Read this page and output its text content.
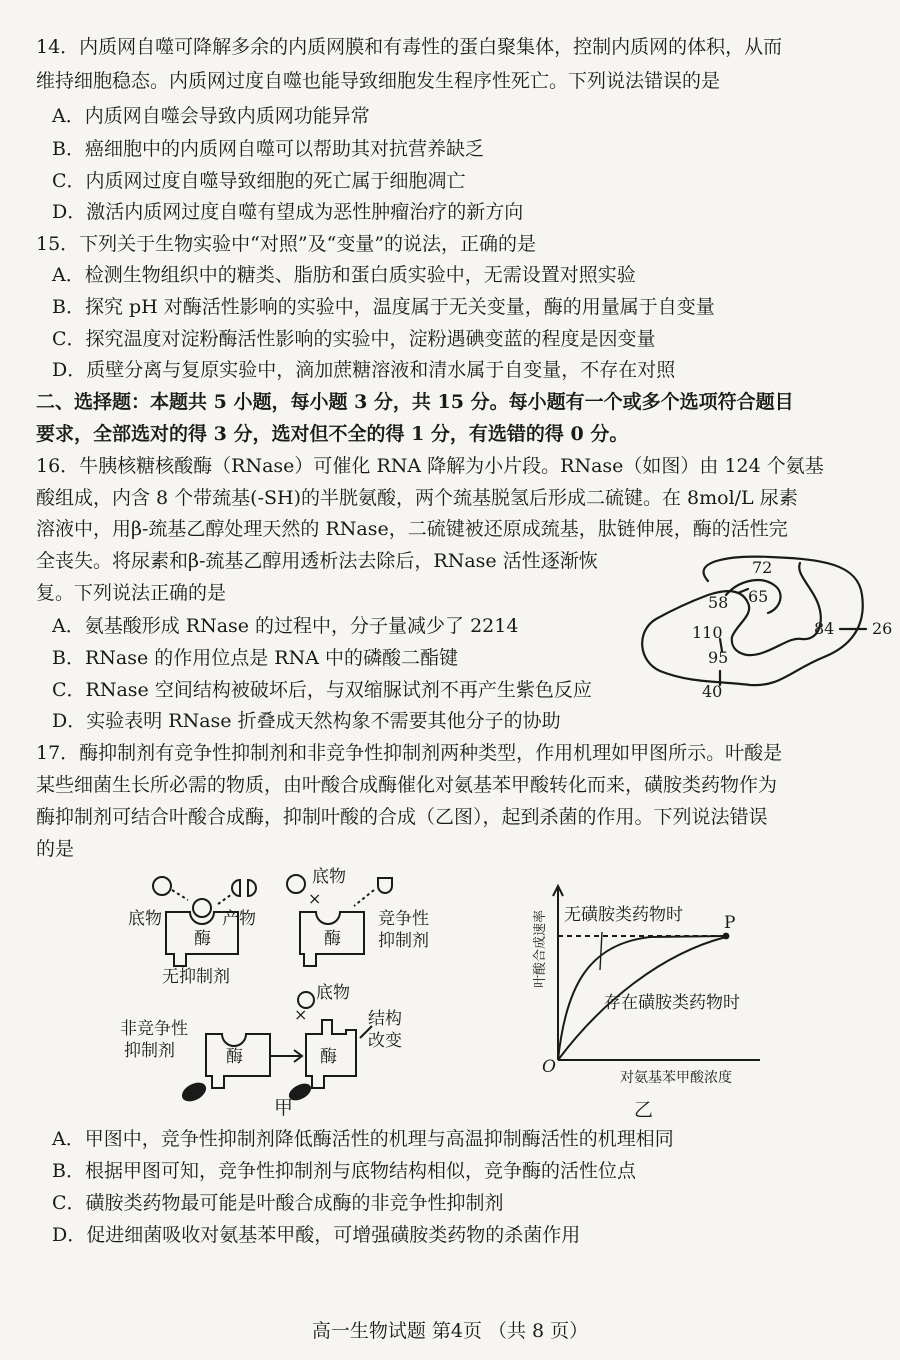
14．内质网自噬可降解多余的内质网膜和有毒性的蛋白聚集体，控制内质网的体积，从而
维持细胞稳态。内质网过度自噬也能导致细胞发生程序性死亡。下列说法错误的是
A．内质网自噬会导致内质网功能异常
B．癌细胞中的内质网自噬可以帮助其对抗营养缺乏
C．内质网过度自噬导致细胞的死亡属于细胞凋亡
D．激活内质网过度自噬有望成为恶性肿瘤治疗的新方向
15．下列关于生物实验中“对照”及“变量”的说法，正确的是
A．检测生物组织中的糖类、脂肪和蛋白质实验中，无需设置对照实验
B．探究 pH 对酶活性影响的实验中，温度属于无关变量，酶的用量属于自变量
C．探究温度对淀粉酶活性影响的实验中，淀粉遇碘变蓝的程度是因变量
D．质壁分离与复原实验中，滴加蔗糖溶液和清水属于自变量，不存在对照
二、选择题：本题共 5 小题，每小题 3 分，共 15 分。每小题有一个或多个选项符合题目
要求，全部选对的得 3 分，选对但不全的得 1 分，有选错的得 0 分。
16．牛胰核糖核酸酶（RNase）可催化 RNA 降解为小片段。RNase（如图）由 124 个氨基
酸组成，内含 8 个带巯基(-SH)的半胱氨酸，两个巯基脱氢后形成二硫键。在 8mol/L 尿素
溶液中，用β-巯基乙醇处理天然的 RNase，二硫键被还原成巯基，肽链伸展，酶的活性完
全丧失。将尿素和β-巯基乙醇用透析法去除后，RNase 活性逐渐恢
复。下列说法正确的是
A．氨基酸形成 RNase 的过程中，分子量减少了 2214
B．RNase 的作用位点是 RNA 中的磷酸二酯键
C．RNase 空间结构被破坏后，与双缩脲试剂不再产生紫色反应
D．实验表明 RNase 折叠成天然构象不需要其他分子的协助
72
65
58
84 26
110
95
40
17．酶抑制剂有竞争性抑制剂和非竞争性抑制剂两种类型，作用机理如甲图所示。叶酸是
某些细菌生长所必需的物质，由叶酸合成酶催化对氨基苯甲酸转化而来，磺胺类药物作为
酶抑制剂可结合叶酸合成酶，抑制叶酸的合成（乙图），起到杀菌的作用。下列说法错误
的是
底物	产物
酶
无抑制剂
底物
×
酶
竞争性
抑制剂
非竞争性
抑制剂	酶
底物
×
酶
结构
改变
甲
P
无磺胺类药物时
存在磺胺类药物时
O
对氨基苯甲酸浓度
叶酸合成速率
乙
A．甲图中，竞争性抑制剂降低酶活性的机理与高温抑制酶活性的机理相同
B．根据甲图可知，竞争性抑制剂与底物结构相似，竞争酶的活性位点
C．磺胺类药物最可能是叶酸合成酶的非竞争性抑制剂
D．促进细菌吸收对氨基苯甲酸，可增强磺胺类药物的杀菌作用
高一生物试题 第4页 （共 8 页）
